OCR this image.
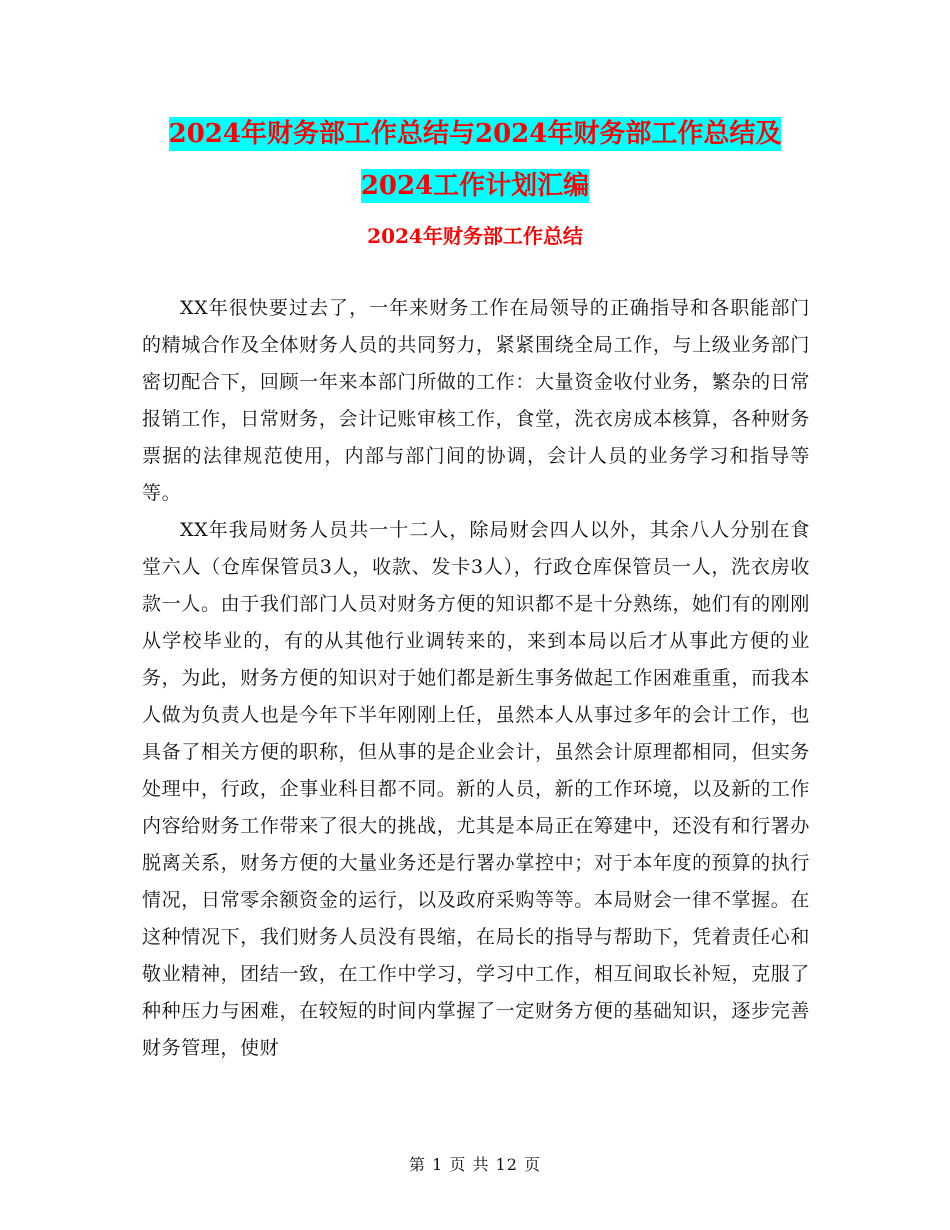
2024年财务部工作总结与2024年财务部工作总结及
2024工作计划汇编
2024年财务部工作总结

XX年很快要过去了，一年来财务工作在局领导的正确指导和各职能部门的精城合作及全体财务人员的共同努力，紧紧围绕全局工作，与上级业务部门密切配合下，回顾一年来本部门所做的工作：大量资金收付业务，繁杂的日常报销工作，日常财务，会计记账审核工作，食堂，洗衣房成本核算，各种财务票据的法律规范使用，内部与部门间的协调，会计人员的业务学习和指导等等。

XX年我局财务人员共一十二人，除局财会四人以外，其余八人分别在食堂六人（仓库保管员3人，收款、发卡3人），行政仓库保管员一人，洗衣房收款一人。由于我们部门人员对财务方便的知识都不是十分熟练，她们有的刚刚从学校毕业的，有的从其他行业调转来的，来到本局以后才从事此方便的业务，为此，财务方便的知识对于她们都是新生事务做起工作困难重重，而我本人做为负责人也是今年下半年刚刚上任，虽然本人从事过多年的会计工作，也具备了相关方便的职称，但从事的是企业会计，虽然会计原理都相同，但实务处理中，行政，企事业科目都不同。新的人员，新的工作环境，以及新的工作内容给财务工作带来了很大的挑战，尤其是本局正在筹建中，还没有和行署办脱离关系，财务方便的大量业务还是行署办掌控中；对于本年度的预算的执行情况，日常零余额资金的运行，以及政府采购等等。本局财会一律不掌握。在这种情况下，我们财务人员没有畏缩，在局长的指导与帮助下，凭着责任心和敬业精神，团结一致，在工作中学习，学习中工作，相互间取长补短，克服了种种压力与困难，在较短的时间内掌握了一定财务方便的基础知识，逐步完善财务管理，使财

第 1 页 共 12 页
